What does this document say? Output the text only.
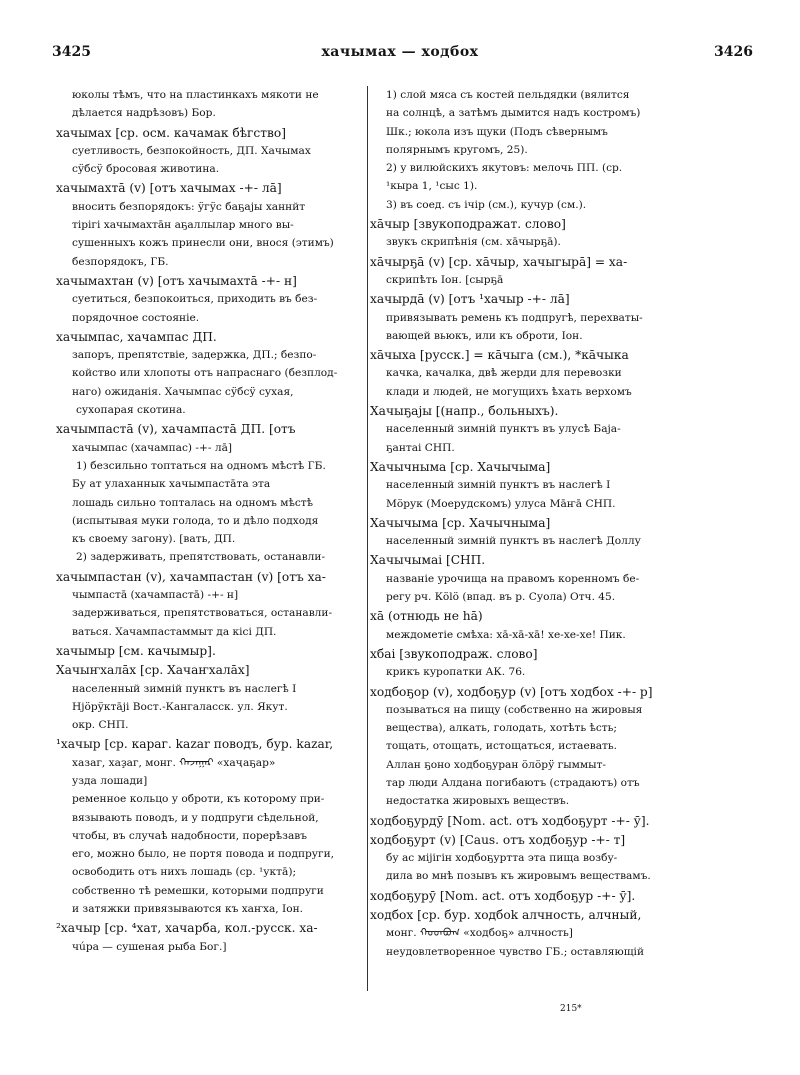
3425	хачымах — ходбох	3426
юколы тѣмъ, что на пластинкахъ мякоти не
дѣлается надрѣзовъ) Бор.
хачымах [ср. осм. качамак бѣгство]
суетливость, безпокойность, ДП. Хачымах
сӱбсӱ бросовая животина.
хачымахтā (v) [отъ хачымах -+- лā]
вносить безпорядокъ: ӱгӱс баҕајы ханнйт
тірігі хачымахтāн аҕаллылар много вы-
сушенныхъ кожъ принесли они, внося (этимъ)
безпорядокъ, ГБ.
хачымахтан (v) [отъ хачымахтā -+- н]
суетиться, безпокоиться, приходить въ без-
порядочное состоянiе.
хачымпас, хачампас ДП.
запоръ, препятствiе, задержка, ДП.; безпо-
койство или хлопоты отъ напраснаго (безплод-
наго) ожиданiя. Хачымпас сӱбсӱ сухая,
сухопарая скотина.
хачымпастā (v), хачампастā ДП. [отъ
хачымпас (хачампас) -+- лā]
1) безсильно топтаться на одномъ мѣстѣ ГБ.
Бу ат улаханнык хачымпастāта эта
лошадь сильно топталась на одномъ мѣстѣ
(испытывая муки голода, то и дѣло подходя
къ своему загону). [вать, ДП.
2) задерживать, препятствовать, останавли-
хачымпастан (v), хачампастан (v) [отъ ха-
чымпастā (хачампастā) -+- н]
задерживаться, препятствоваться, останавли-
ваться. Хачампастаммыт да кісі ДП.
хачымыр [см. качымыр].
Хачыҥхалāх [ср. Хачаҥхалāх]
населенный зимнiй пунктъ въ наслегѣ I
Нјӧрӱктāјі Вост.-Кангаласск. ул. Якут.
окр. СНП.
¹хачыр [ср. караг. kazar поводъ, бур. kazar,
хазаг, хаҙаг, монг. ᠬᠠᠵᠠᠭᠠᠷ «хаҷаҕар»
узда лошади]
ременное кольцо у оброти, къ которому при-
вязывають поводъ, и у подпруги сѣдельной,
чтобы, въ случаѣ надобности, порерѣзавъ
его, можно было, не портя повода и подпруги,
освободить отъ нихъ лошадь (ср. ¹уктā);
собственно тѣ ремешки, которыми подпруги
и затяжки привязываются къ хаҥха, Іон.
²хачыр [ср. ⁴хат, хачарба, кол.-русск. ха-
чúра — сушеная рыба Бог.]
1) слой мяса съ костей пельдядки (вялится
на солнцѣ, а затѣмъ дымится надъ костромъ)
Шк.; юкола изъ щуки (Подъ сѣвернымъ
полярнымъ кругомъ, 25).
2) у вилюйскихъ якутовъ: мелочь ПП. (ср.
¹кыра 1, ¹сыс 1).
3) въ соед. съ ічір (см.), кучур (см.).
хāчыр [звукоподражат. слово]
звукъ скрипѣнiя (см. хāчырҕā).
хāчырҕā (v) [ср. хāчыр, хачыгырā] = ха-
скрипѣть Іон. [сырҕā
хачырдā (v) [отъ ¹хачыр -+- лā]
привязывать ремень къ подпругѣ, перехваты-
вающей вьюкъ, или къ оброти, Іон.
хāчыха [русск.] = кāчыга (см.), *кāчыка
качка, качалка, двѣ жерди для перевозки
клади и людей, не могущихъ ѣхать верхомъ
Хачыҕајы [(напр., больныхъ).
населенный зимнiй пунктъ въ улусѣ Баја-
ҕантаі СНП.
Хачычныма [ср. Хачычыма]
населенный зимнiй пунктъ въ наслегѣ I
Мӧрук (Моерудскомъ) улуса Мāҥā СНП.
Хачычыма [ср. Хачычныма]
населенный зимнiй пунктъ въ наслегѣ Доллу
Хачычымаі [СНП.
названiе урочища на правомъ коренномъ бе-
регу рч. Кӧlӧ (впад. въ р. Суола) Отч. 45.
хā (отнюдь не һā)
междометiе смѣха: хā-хā-хā! хе-хе-хе! Пик.
хбаі [звукоподраж. слово]
крикъ куропатки АК. 76.
ходбоҕор (v), ходбоҕур (v) [отъ ходбох -+- р]
позываться на пищу (собственно на жировыя
вещества), алкать, голодать, хотѣть ѣсть;
тощать, отощать, истощаться, истаевать.
Аллан ҕоно ходбоҕуран ӧлӧрӱ гыммыт-
тар люди Алдана погибаютъ (страдаютъ) отъ
недостатка жировыхъ веществъ.
ходбоҕурдӯ [Nom. act. отъ ходбоҕурт -+- ӯ].
ходбоҕурт (v) [Caus. отъ ходбоҕур -+- т]
бу ас міјігін ходбоҕуртта эта пища возбу-
дила во мнѣ позывъ къ жировымъ веществамъ.
ходбоҕурӯ [Nom. act. отъ ходбоҕур -+- ӯ].
ходбох [ср. бур. ходбоk алчность, алчный,
монг. ᠬᠣᠳᠪᠣᠭ «ходбоҕ» алчность]
неудовлетворенное чувство ГБ.; оставляющiй
215*
